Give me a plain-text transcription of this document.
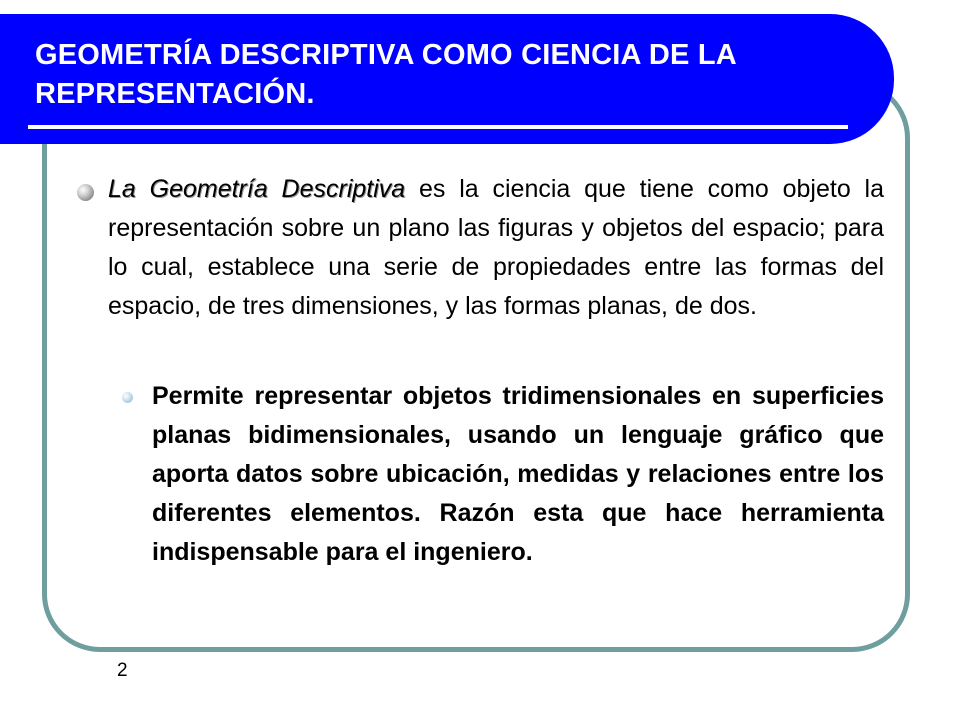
GEOMETRÍA DESCRIPTIVA COMO CIENCIA DE LA REPRESENTACIÓN.

La Geometría Descriptiva es la ciencia que tiene como objeto la representación sobre un plano las figuras y objetos del espacio; para lo cual, establece una serie de propiedades entre las formas del espacio, de tres dimensiones, y las formas planas, de dos.

Permite representar objetos tridimensionales en superficies planas bidimensionales, usando un lenguaje gráfico que aporta datos sobre ubicación, medidas y relaciones entre los diferentes elementos. Razón esta que hace herramienta indispensable para el ingeniero.

2
